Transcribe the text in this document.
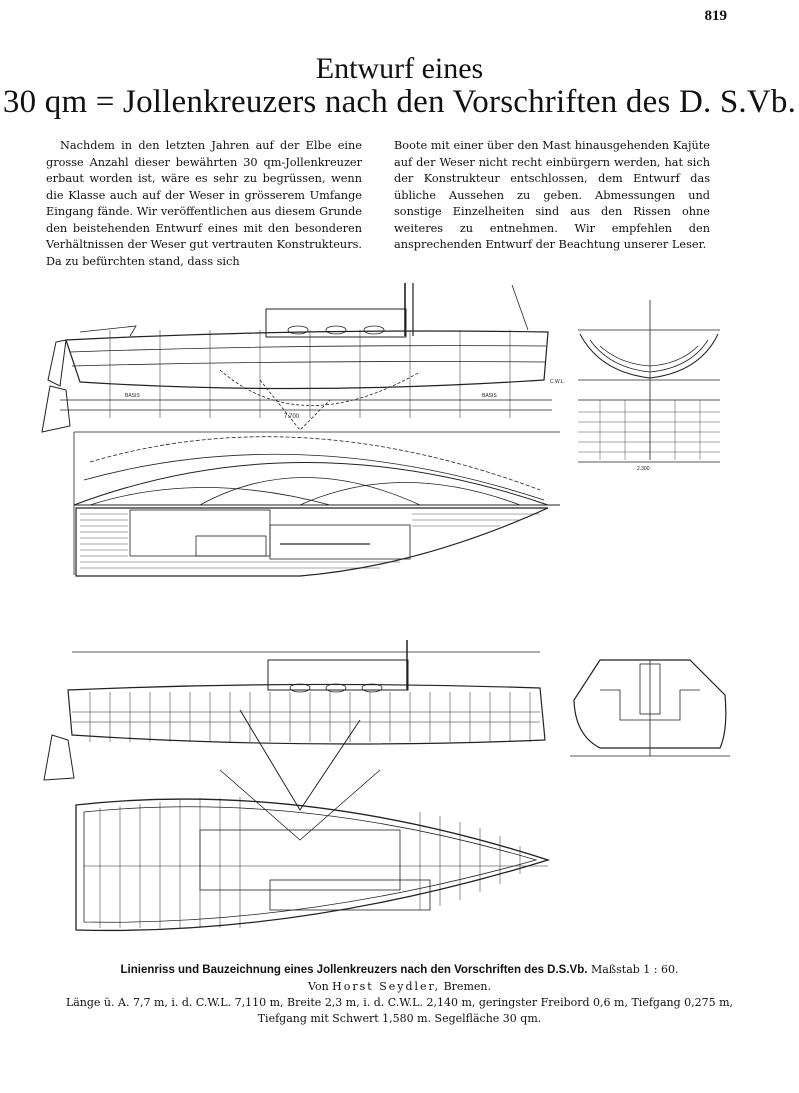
819
Entwurf eines
30 qm = Jollenkreuzers nach den Vorschriften des D. S.Vb.

Nachdem in den letzten Jahren auf der Elbe eine grosse Anzahl dieser bewährten 30 qm-Jollenkreuzer erbaut worden ist, wäre es sehr zu begrüssen, wenn die Klasse auch auf der Weser in grösserem Umfange Eingang fände. Wir veröffentlichen aus diesem Grunde den beistehenden Entwurf eines mit den besonderen Verhältnissen der Weser gut vertrauten Konstrukteurs. Da zu befürchten stand, dass sich

Boote mit einer über den Mast hinausgehenden Kajüte auf der Weser nicht recht einbürgern werden, hat sich der Konstrukteur entschlossen, dem Entwurf das übliche Aussehen zu geben. Abmessungen und sonstige Einzelheiten sind aus den Rissen ohne weiteres zu entnehmen. Wir empfehlen den ansprechenden Entwurf der Beachtung unserer Leser.

BASIS	BASIS
7.700
C.W.L.
2.300
Linienriss und Bauzeichnung eines Jollenkreuzers nach den Vorschriften des D.S.Vb. Maßstab 1 : 60.
Von Horst Seydler, Bremen.
Länge ü. A. 7,7 m, i. d. C.W.L. 7,110 m, Breite 2,3 m, i. d. C.W.L. 2,140 m, geringster Freibord 0,6 m, Tiefgang 0,275 m,
Tiefgang mit Schwert 1,580 m. Segelfläche 30 qm.
